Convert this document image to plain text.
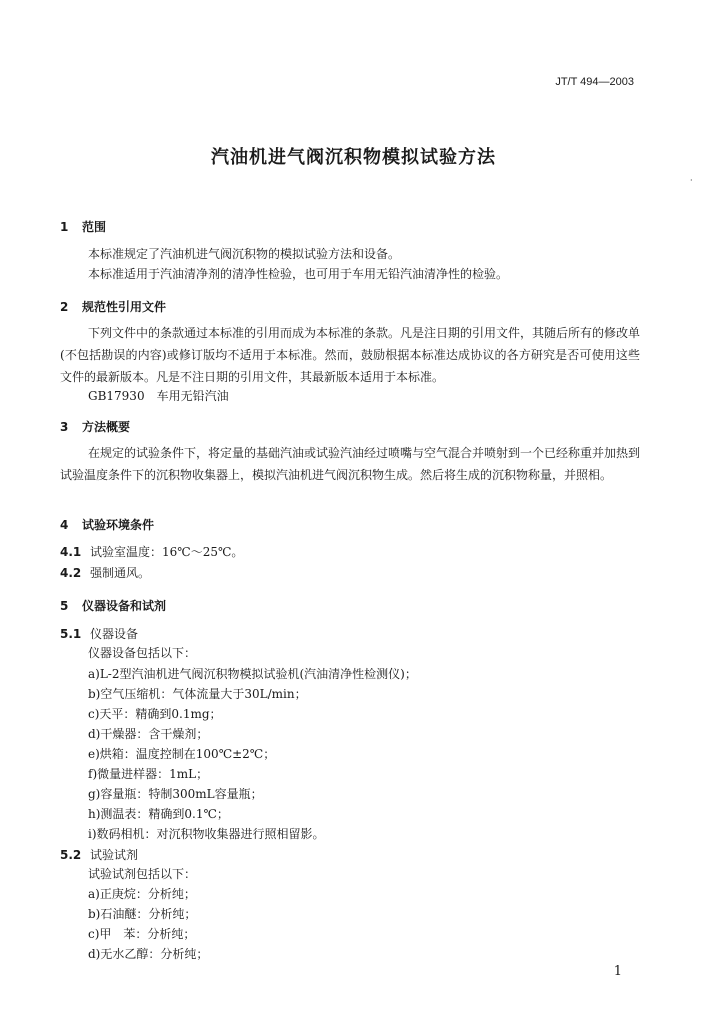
JT/T 494—2003
·
汽油机进气阀沉积物模拟试验方法
1 范围
本标准规定了汽油机进气阀沉积物的模拟试验方法和设备。
本标准适用于汽油清净剂的清净性检验，也可用于车用无铅汽油清净性的检验。
2 规范性引用文件
下列文件中的条款通过本标准的引用而成为本标准的条款。凡是注日期的引用文件，其随后所有的修改单(不包括勘误的内容)或修订版均不适用于本标准。然而，鼓励根据本标准达成协议的各方研究是否可使用这些文件的最新版本。凡是不注日期的引用文件，其最新版本适用于本标准。
GB17930　车用无铅汽油
3 方法概要
在规定的试验条件下，将定量的基础汽油或试验汽油经过喷嘴与空气混合并喷射到一个已经称重并加热到试验温度条件下的沉积物收集器上，模拟汽油机进气阀沉积物生成。然后将生成的沉积物称量，并照相。
4 试验环境条件
4.1 试验室温度：16℃～25℃。
4.2 强制通风。
5 仪器设备和试剂
5.1 仪器设备
仪器设备包括以下：
a)L-2型汽油机进气阀沉积物模拟试验机(汽油清净性检测仪)；
b)空气压缩机：气体流量大于30L/min；
c)天平：精确到0.1mg；
d)干燥器：含干燥剂；
e)烘箱：温度控制在100℃±2℃；
f)微量进样器：1mL；
g)容量瓶：特制300mL容量瓶；
h)测温表：精确到0.1℃；
i)数码相机：对沉积物收集器进行照相留影。
5.2 试验试剂
试验试剂包括以下：
a)正庚烷：分析纯；
b)石油醚：分析纯；
c)甲　苯：分析纯；
d)无水乙醇：分析纯；
1
